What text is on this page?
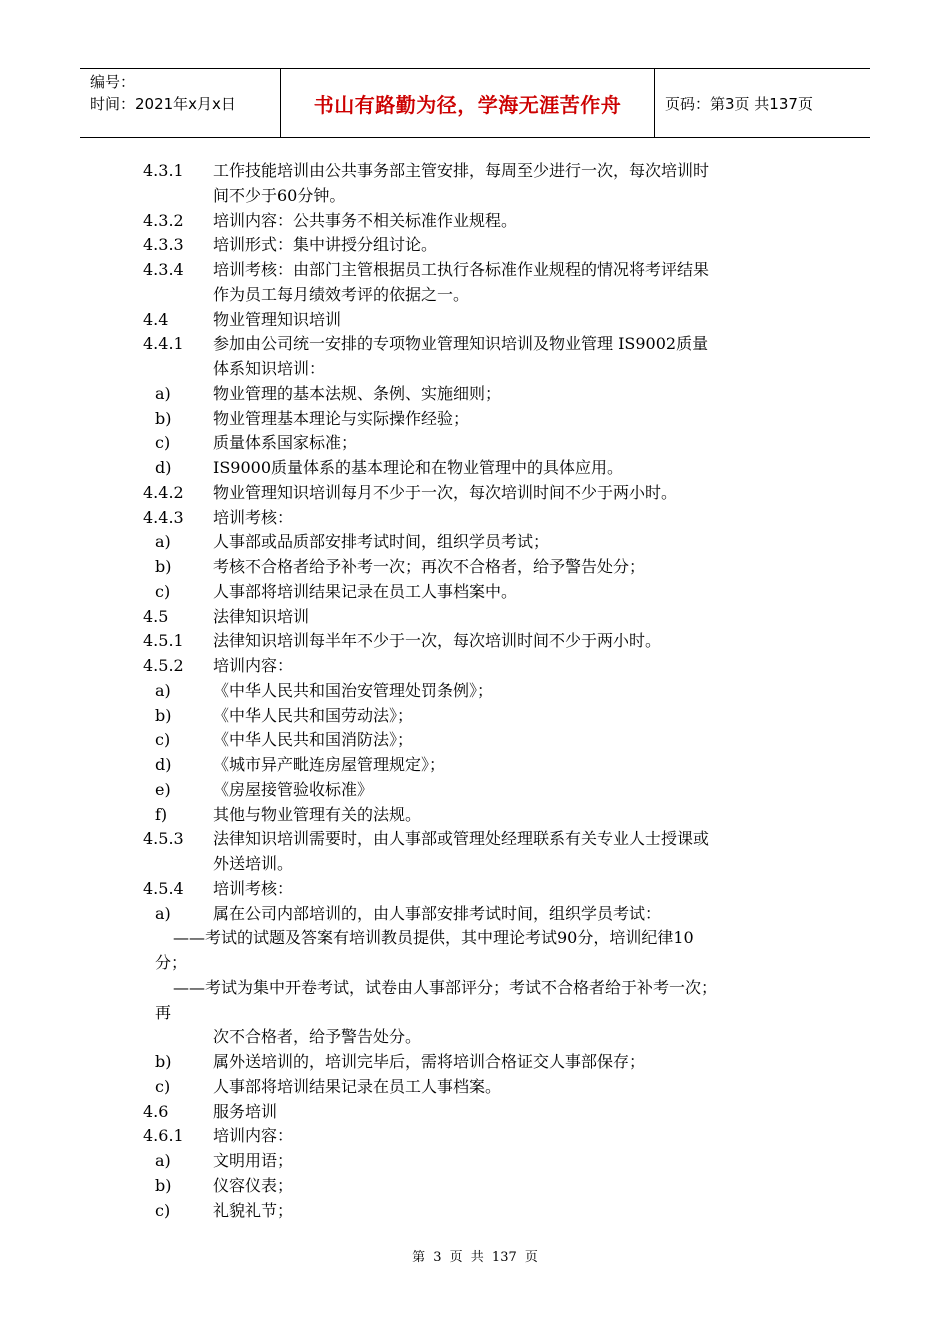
编号：
时间：2021年x月x日	书山有路勤为径，学海无涯苦作舟	页码：第3页 共137页
4.3.1	工作技能培训由公共事务部主管安排，每周至少进行一次，每次培训时
间不少于60分钟。
4.3.2	培训内容：公共事务不相关标准作业规程。
4.3.3	培训形式：集中讲授分组讨论。
4.3.4	培训考核：由部门主管根据员工执行各标准作业规程的情况将考评结果
作为员工每月绩效考评的依据之一。
4.4	物业管理知识培训
4.4.1	参加由公司统一安排的专项物业管理知识培训及物业管理 IS9002质量
体系知识培训：
a)	物业管理的基本法规、条例、实施细则；
b)	物业管理基本理论与实际操作经验；
c)	质量体系国家标准；
d)	IS9000质量体系的基本理论和在物业管理中的具体应用。
4.4.2	物业管理知识培训每月不少于一次，每次培训时间不少于两小时。
4.4.3	培训考核：
a)	人事部或品质部安排考试时间，组织学员考试；
b)	考核不合格者给予补考一次；再次不合格者，给予警告处分；
c)	人事部将培训结果记录在员工人事档案中。
4.5	法律知识培训
4.5.1	法律知识培训每半年不少于一次，每次培训时间不少于两小时。
4.5.2	培训内容：
a)	《中华人民共和国治安管理处罚条例》；
b)	《中华人民共和国劳动法》；
c)	《中华人民共和国消防法》；
d)	《城市异产毗连房屋管理规定》；
e)	《房屋接管验收标准》
f)	其他与物业管理有关的法规。
4.5.3	法律知识培训需要时，由人事部或管理处经理联系有关专业人士授课或
外送培训。
4.5.4	培训考核：
a)	属在公司内部培训的，由人事部安排考试时间，组织学员考试：
——考试的试题及答案有培训教员提供，其中理论考试90分，培训纪律10
分；
——考试为集中开卷考试，试卷由人事部评分；考试不合格者给于补考一次；
再
次不合格者，给予警告处分。
b)	属外送培训的，培训完毕后，需将培训合格证交人事部保存；
c)	人事部将培训结果记录在员工人事档案。
4.6	服务培训
4.6.1	培训内容：
a)	文明用语；
b)	仪容仪表；
c)	礼貌礼节；
第 3 页 共 137 页
